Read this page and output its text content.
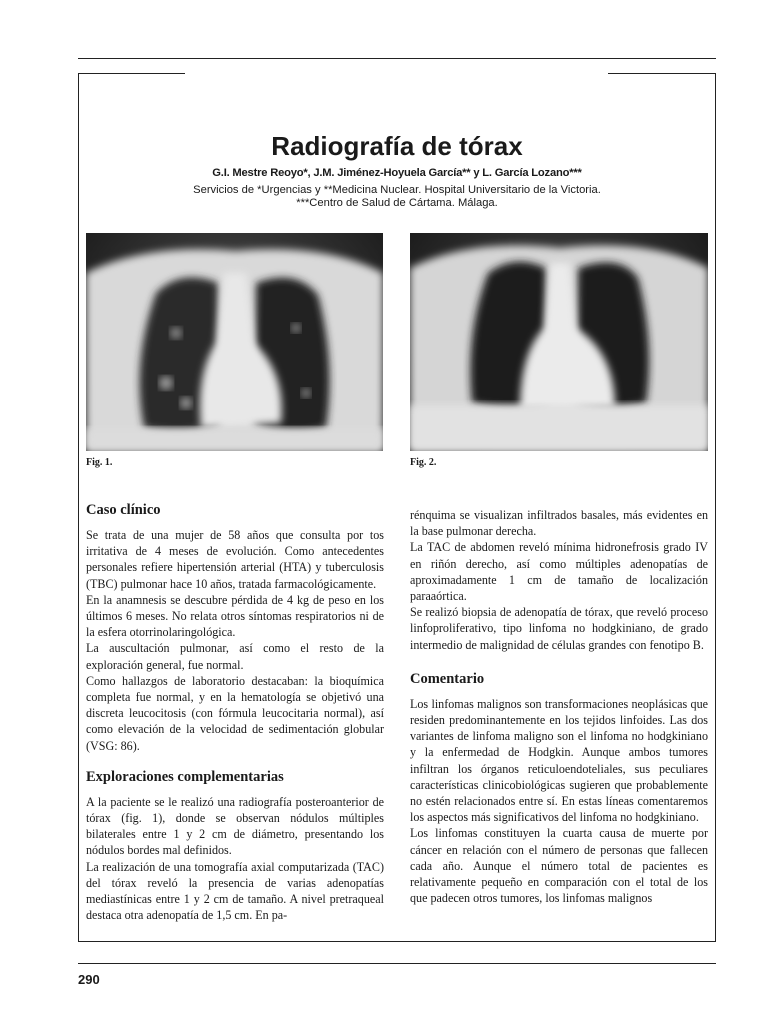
Radiografía de tórax
G.I. Mestre Reoyo*, J.M. Jiménez-Hoyuela García** y L. García Lozano***
Servicios de *Urgencias y **Medicina Nuclear. Hospital Universitario de la Victoria.
***Centro de Salud de Cártama. Málaga.
Fig. 1.	Fig. 2.
Caso clínico

Se trata de una mujer de 58 años que consulta por tos irritativa de 4 meses de evolución. Como antecedentes personales refiere hipertensión arterial (HTA) y tuberculosis (TBC) pulmonar hace 10 años, tratada farmacológicamente.

En la anamnesis se descubre pérdida de 4 kg de peso en los últimos 6 meses. No relata otros síntomas respiratorios ni de la esfera otorrinolaringológica.

La auscultación pulmonar, así como el resto de la exploración general, fue normal.

Como hallazgos de laboratorio destacaban: la bioquímica completa fue normal, y en la hematología se objetivó una discreta leucocitosis (con fórmula leucocitaria normal), así como elevación de la velocidad de sedimentación globular (VSG: 86).

Exploraciones complementarias

A la paciente se le realizó una radiografía posteroanterior de tórax (fig. 1), donde se observan nódulos múltiples bilaterales entre 1 y 2 cm de diámetro, presentando los nódulos bordes mal definidos.

La realización de una tomografía axial computarizada (TAC) del tórax reveló la presencia de varias adenopatías mediastínicas entre 1 y 2 cm de tamaño. A nivel pretraqueal destaca otra adenopatía de 1,5 cm. En pa-

rénquima se visualizan infiltrados basales, más evidentes en la base pulmonar derecha.

La TAC de abdomen reveló mínima hidronefrosis grado IV en riñón derecho, así como múltiples adenopatías de aproximadamente 1 cm de tamaño de localización paraaórtica.

Se realizó biopsia de adenopatía de tórax, que reveló proceso linfoproliferativo, tipo linfoma no hodgkiniano, de grado intermedio de malignidad de células grandes con fenotipo B.

Comentario

Los linfomas malignos son transformaciones neoplásicas que residen predominantemente en los tejidos linfoides. Las dos variantes de linfoma maligno son el linfoma no hodgkiniano y la enfermedad de Hodgkin. Aunque ambos tumores infiltran los órganos reticuloendoteliales, sus peculiares características clinicobiológicas sugieren que probablemente no estén relacionados entre sí. En estas líneas comentaremos los aspectos más significativos del linfoma no hodgkiniano.

Los linfomas constituyen la cuarta causa de muerte por cáncer en relación con el número de personas que fallecen cada año. Aunque el número total de pacientes es relativamente pequeño en comparación con el total de los que padecen otros tumores, los linfomas malignos

290
